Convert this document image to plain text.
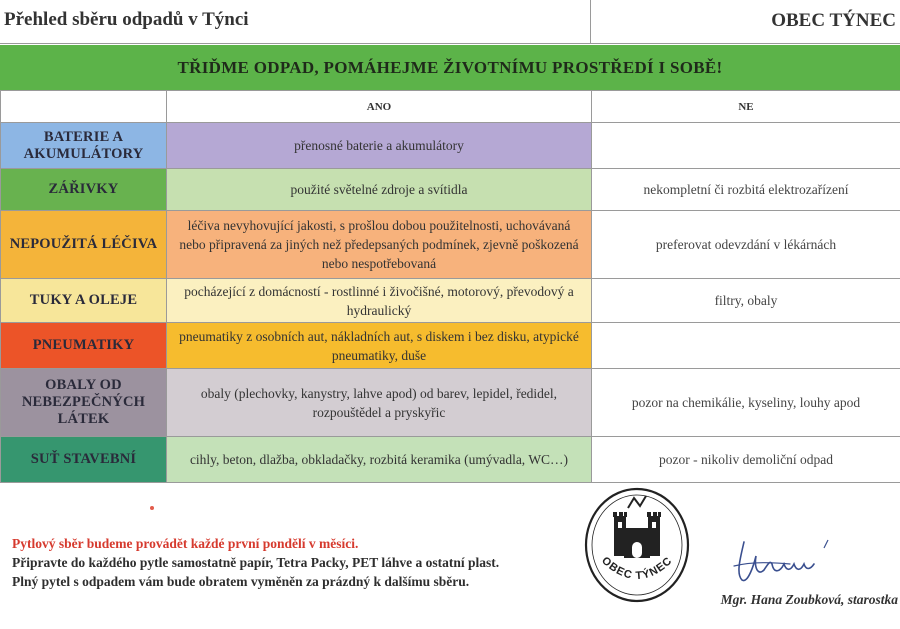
Přehled sběru odpadů v Týnci	OBEC TÝNEC
TŘIĎME ODPAD, POMÁHEJME ŽIVOTNÍMU PROSTŘEDÍ I SOBĚ!
	ANO	NE
BATERIE A AKUMULÁTORY	přenosné baterie a akumulátory	
ZÁŘIVKY	použité světelné zdroje a svítidla	nekompletní či rozbitá elektrozařízení
NEPOUŽITÁ LÉČIVA	léčiva nevyhovující jakosti, s prošlou dobou použitelnosti, uchovávaná nebo připravená za jiných než předepsaných podmínek, zjevně poškozená nebo nespotřebovaná	preferovat odevzdání v lékárnách
TUKY A OLEJE	pocházející z domácností - rostlinné i živočišné, motorový, převodový a hydraulický	filtry, obaly
PNEUMATIKY	pneumatiky z osobních aut, nákladních aut, s diskem i bez disku, atypické pneumatiky, duše	
OBALY OD NEBEZPEČNÝCH LÁTEK	obaly (plechovky, kanystry, lahve apod) od barev, lepidel, ředidel, rozpouštědel a pryskyřic	pozor na chemikálie, kyseliny, louhy apod
SUŤ STAVEBNÍ	cihly, beton, dlažba, obkladačky, rozbitá keramika (umývadla, WC…)	pozor - nikoliv demoliční odpad
Pytlový sběr budeme provádět každé první pondělí v měsíci.
Připravte do každého pytle samostatně papír, Tetra Packy, PET láhve a ostatní plast.
Plný pytel s odpadem vám bude obratem vyměněn za prázdný k dalšímu sběru.
OBEC TÝNEC
Mgr. Hana Zoubková, starostka
